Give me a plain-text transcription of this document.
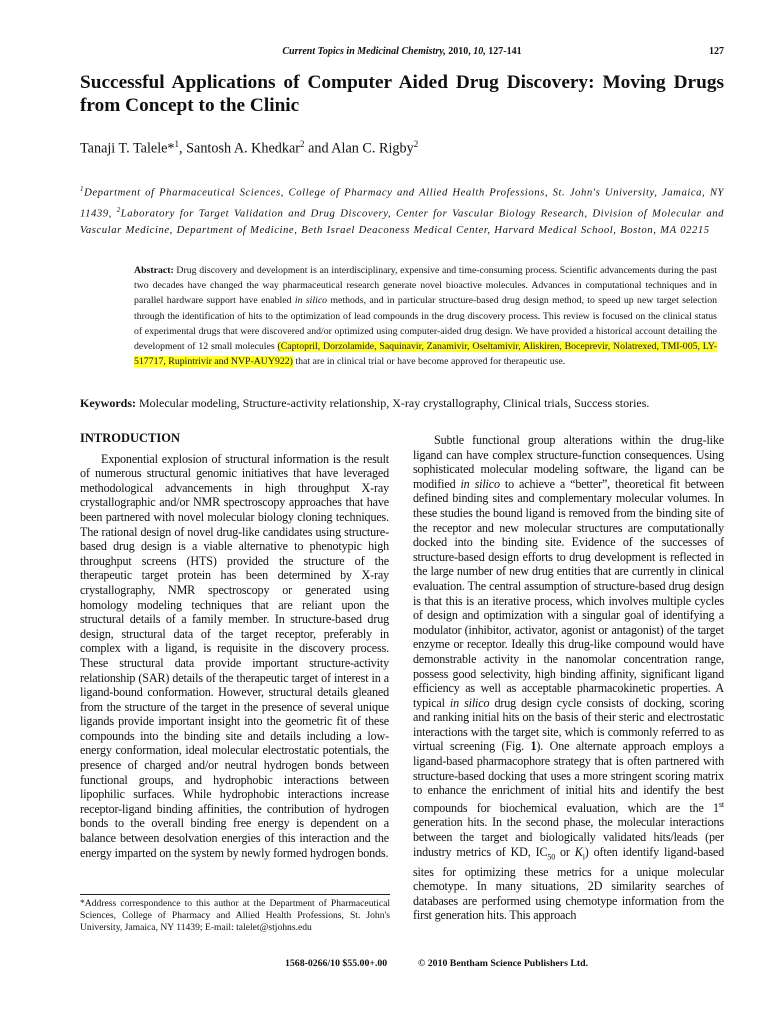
Current Topics in Medicinal Chemistry, 2010, 10, 127-141	127
Successful Applications of Computer Aided Drug Discovery: Moving Drugs from Concept to the Clinic
Tanaji T. Talele*$^1$, Santosh A. Khedkar$^2$ and Alan C. Rigby$^2$
$^1$Department of Pharmaceutical Sciences, College of Pharmacy and Allied Health Professions, St. John's University, Jamaica, NY 11439, $^2$Laboratory for Target Validation and Drug Discovery, Center for Vascular Biology Research, Division of Molecular and Vascular Medicine, Department of Medicine, Beth Israel Deaconess Medical Center, Harvard Medical School, Boston, MA 02215
Abstract: Drug discovery and development is an interdisciplinary, expensive and time-consuming process. Scientific advancements during the past two decades have changed the way pharmaceutical research generate novel bioactive molecules. Advances in computational techniques and in parallel hardware support have enabled in silico methods, and in particular structure-based drug design method, to speed up new target selection through the identification of hits to the optimization of lead compounds in the drug discovery process. This review is focused on the clinical status of experimental drugs that were discovered and/or optimized using computer-aided drug design. We have provided a historical account detailing the development of 12 small molecules (Captopril, Dorzolamide, Saquinavir, Zanamivir, Oseltamivir, Aliskiren, Boceprevir, Nolatrexed, TMI-005, LY-517717, Rupintrivir and NVP-AUY922) that are in clinical trial or have become approved for therapeutic use.
Keywords: Molecular modeling, Structure-activity relationship, X-ray crystallography, Clinical trials, Success stories.
INTRODUCTION

Exponential explosion of structural information is the result of numerous structural genomic initiatives that have leveraged methodological advancements in high throughput X-ray crystallographic and/or NMR spectroscopy approaches that have been partnered with novel molecular biology cloning techniques. The rational design of novel drug-like candidates using structure-based drug design is a viable alternative to phenotypic high throughput screens (HTS) provided the structure of the therapeutic target protein has been determined by X-ray crystallography, NMR spectroscopy or generated using homology modeling techniques that are reliant upon the structural details of a family member. In structure-based drug design, structural data of the target receptor, preferably in complex with a ligand, is requisite in the discovery process. These structural data provide important structure-activity relationship (SAR) details of the therapeutic target of interest in a ligand-bound conformation. However, structural details gleaned from the structure of the target in the presence of several unique ligands provide important insight into the geometric fit of these compounds into the binding site and details including a low-energy conformation, ideal molecular electrostatic potentials, the presence of charged and/or neutral hydrogen bonds between functional groups, and hydrophobic interactions between lipophilic surfaces. While hydrophobic interactions increase receptor-ligand binding affinities, the contribution of hydrogen bonds to the overall binding free energy is dependent on a balance between desolvation energies of this interaction and the energy imparted on the system by newly formed hydrogen bonds.

Subtle functional group alterations within the drug-like ligand can have complex structure-function consequences. Using sophisticated molecular modeling software, the ligand can be modified in silico to achieve a “better”, theoretical fit between defined binding sites and complementary molecular volumes. In these studies the bound ligand is removed from the binding site of the receptor and new molecular structures are computationally docked into the binding site. Evidence of the successes of structure-based design efforts to drug development is reflected in the large number of new drug entities that are currently in clinical evaluation. The central assumption of structure-based drug design is that this is an iterative process, which involves multiple cycles of design and optimization with a singular goal of identifying a modulator (inhibitor, activator, agonist or antagonist) of the target enzyme or receptor. Ideally this drug-like compound would have demonstrable activity in the nanomolar concentration range, possess good selectivity, high binding affinity, significant ligand efficiency as well as acceptable pharmacokinetic properties. A typical in silico drug design cycle consists of docking, scoring and ranking initial hits on the basis of their steric and electrostatic interactions with the target site, which is commonly referred to as virtual screening (Fig. 1). One alternate approach employs a ligand-based pharmacophore strategy that is often partnered with structure-based docking that uses a more stringent scoring matrix to enhance the enrichment of initial hits and identify the best compounds for biochemical evaluation, which are the 1st generation hits. In the second phase, the molecular interactions between the target and biologically validated hits/leads (per industry metrics of KD, $IC_{50}$ or $K_i$) often identify ligand-based sites for optimizing these metrics for a unique molecular chemotype. In many situations, 2D similarity searches of databases are performed using chemotype information from the first generation hits. This approach

*Address correspondence to this author at the Department of Pharmaceutical Sciences, College of Pharmacy and Allied Health Professions, St. John's University, Jamaica, NY 11439; E-mail: talelet@stjohns.edu
1568-0266/10 $55.00+.00	© 2010 Bentham Science Publishers Ltd.
